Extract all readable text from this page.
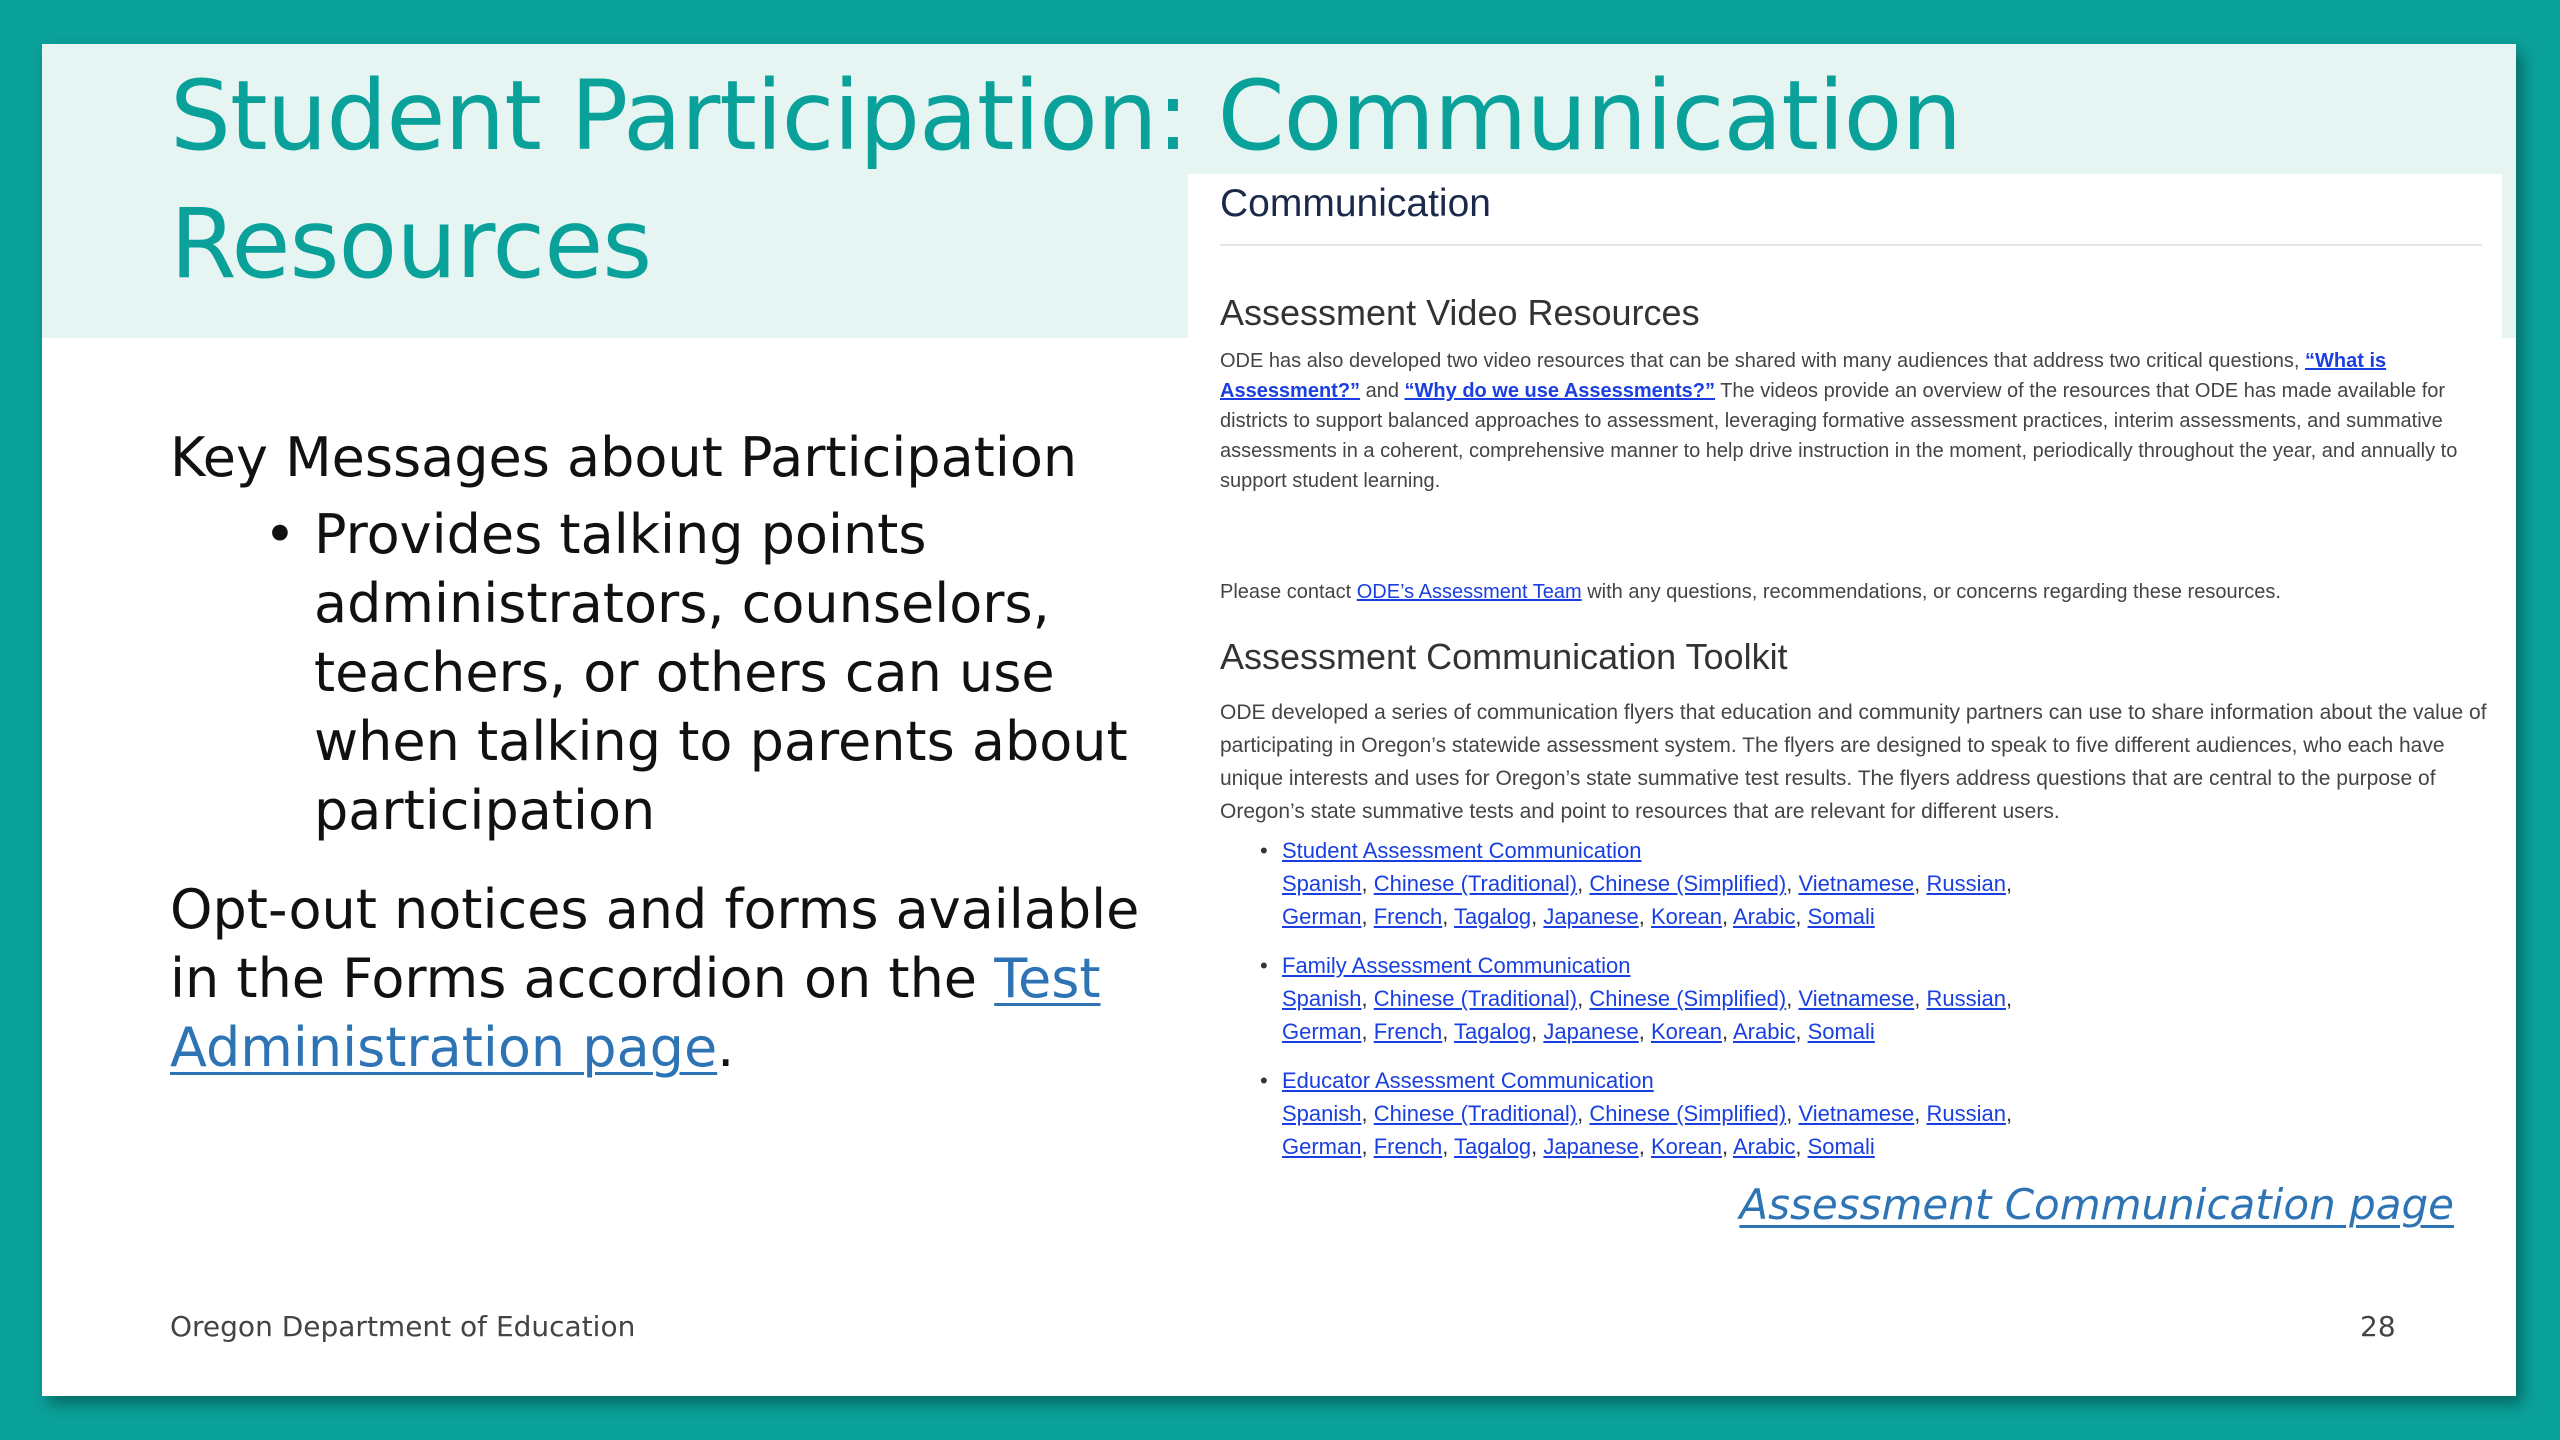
Student Participation: Communication Resources

Key Messages about Participation

• Provides talking points administrators, counselors, teachers, or others can use when talking to parents about participation

Opt-out notices and forms available in the Forms accordion on the Test Administration page.

Communication
Assessment Video Resources

ODE has also developed two video resources that can be shared with many audiences that address two critical questions, “What is Assessment?” and “Why do we use Assessments?” The videos provide an overview of the resources that ODE has made available for districts to support balanced approaches to assessment, leveraging formative assessment practices, interim assessments, and summative assessments in a coherent, comprehensive manner to help drive instruction in the moment, periodically throughout the year, and annually to support student learning.

Please contact ODE’s Assessment Team with any questions, recommendations, or concerns regarding these resources.

Assessment Communication Toolkit

ODE developed a series of communication flyers that education and community partners can use to share information about the value of participating in Oregon’s statewide assessment system. The flyers are designed to speak to five different audiences, who each have unique interests and uses for Oregon’s state summative test results. The flyers address questions that are central to the purpose of Oregon’s state summative tests and point to resources that are relevant for different users.

• Student Assessment Communication
Spanish, Chinese (Traditional), Chinese (Simplified), Vietnamese, Russian,
German, French, Tagalog, Japanese, Korean, Arabic, Somali
• Family Assessment Communication
Spanish, Chinese (Traditional), Chinese (Simplified), Vietnamese, Russian,
German, French, Tagalog, Japanese, Korean, Arabic, Somali
• Educator Assessment Communication
Spanish, Chinese (Traditional), Chinese (Simplified), Vietnamese, Russian,
German, French, Tagalog, Japanese, Korean, Arabic, Somali
Assessment Communication page
Oregon Department of Education	28
